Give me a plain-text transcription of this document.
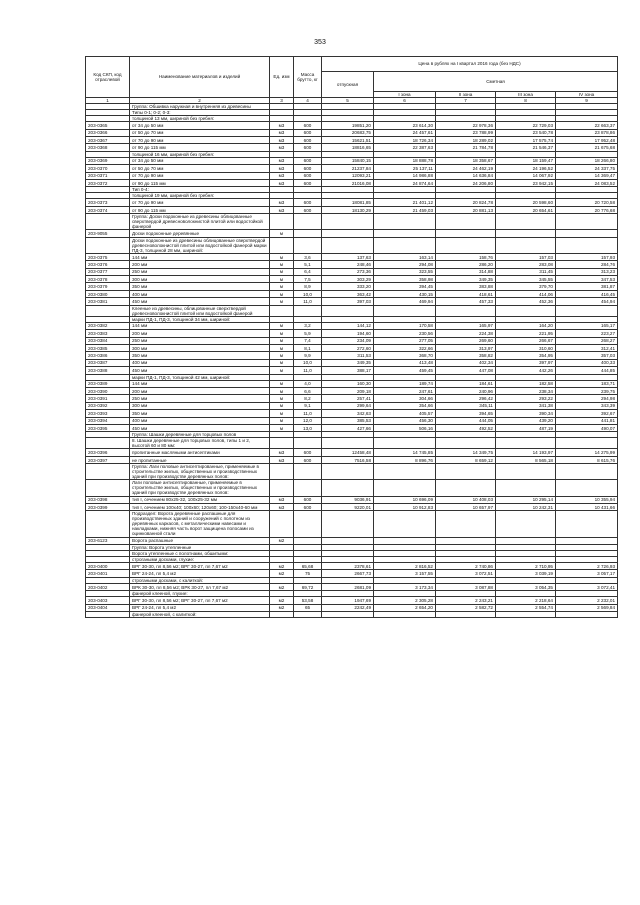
353
Код СКП, код отраслевой	Наименование материалов и изделий	Ед. изм	Масса брутто, кг	Цена в рублях на I квартал 2016 года (без НДС)				
				отпускная	Сметная			
					I зона	II зона	III зона	IV зона
1	2	3	4	5	6	7	8	9
	Группа: Обшивка наружная и внутренняя из древесины							
	Типы 0-1; 0-2; 0-3:							
	толщиной 13 мм, шириной без гребня:							
203-0365	от 34 до 50 мм	м3	600	19851,20	23 614,30	22 978,36	22 729,03	22 663,37
203-0366	от 50 до 70 мм	м3	600	20683,75	24 457,61	23 788,99	23 540,78	23 878,86
203-0367	от 70 до 90 мм	м3	600	15621,51	18 726,34	18 289,02	17 575,74	17 952,48
203-0368	от 90 до 115 мм	м3	600	18816,65	22 387,63	21 784,78	21 546,37	21 675,68
	толщиной 16 мм, шириной без гребня:							
203-0369	от 34 до 50 мм	м3	600	15840,15	18 888,78	18 358,67	18 159,47	18 266,80
203-0370	от 50 до 70 мм	м3	600	21237,84	25 137,11	24 462,19	24 196,52	24 337,75
203-0371	от 70 до 90 мм	м3	600	12093,21	14 986,88	14 636,84	14 067,92	14 369,47
203-0372	от 90 до 115 мм	м3	600	21016,08	24 874,64	24 206,80	23 942,15	24 083,52
	Тип 0-4:							
	толщиной 19 мм, шириной без гребня:							
203-0373	от 70 до 90 мм	м3	600	18081,85	21 401,12	20 824,78	20 598,60	20 720,58
203-0374	от 90 до 115 мм	м3	600	18130,29	21 459,03	20 881,13	20 654,61	20 776,68
	Группа: Доски подоконные из древесины облицованные сверхтвердой древесноволокнистой плитой или водостойкой фанерой							
203-9055	Доски подоконные деревянные	м						
	Доски подоконные из древесины облицованные сверхтвердой древесноволокнистой плитой или водостойкой фанерой марки ПД-3, толщиной 28 мм, шириной:							
203-0375	144 мм	м	3,6	137,63	163,14	158,76	157,03	157,93
203-0376	200 мм	м	5,1	248,46	294,08	286,20	283,08	284,76
203-0377	250 мм	м	6,4	273,36	323,55	314,88	311,45	313,23
203-0378	300 мм	м	7,5	303,29	358,98	349,35	345,55	347,53
203-0379	350 мм	м	8,9	333,20	394,45	383,88	379,70	381,87
203-0380	400 мм	м	10,0	363,42	430,15	418,61	414,06	416,45
203-0381	450 мм	м	11,0	397,03	469,94	457,33	452,36	454,94
	Клееные из древесины, облицованные сверхтвердой древесноволокнистой плитой или водостойкой фанерой							
	марки ПД-1, ПД-3, толщиной 34 мм, шириной:							
203-0382	144 мм	м	3,2	144,12	170,58	165,97	164,20	165,17
203-0383	200 мм	м	5,9	194,60	230,56	224,38	221,95	223,27
203-0384	250 мм	м	7,4	234,09	277,05	269,60	266,67	268,27
203-0385	300 мм	м	8,1	272,60	322,66	313,97	310,60	312,41
203-0386	350 мм	м	9,9	311,53	368,70	358,82	354,95	357,03
203-0387	400 мм	м	10,0	349,35	413,48	402,34	397,97	400,33
203-0388	450 мм	м	11,0	388,17	459,45	447,08	442,26	444,85
	марки ПД-1, ПД-3, толщиной 42 мм, шириной:							
203-0389	144 мм	м	4,0	160,30	189,74	184,61	182,58	183,71
203-0390	200 мм	м	6,6	209,18	247,61	240,96	238,34	239,75
203-0391	250 мм	м	8,2	257,41	304,66	296,42	293,22	294,98
203-0392	300 мм	м	9,1	299,64	354,66	345,11	341,38	343,39
203-0393	350 мм	м	11,0	342,63	405,57	394,65	390,34	392,67
203-0394	400 мм	м	12,0	385,53	456,30	444,05	439,20	441,81
203-0395	450 мм	м	13,0	427,66	506,16	492,52	487,19	490,07
	Группа: Шашки деревянные для торцовых полов							
	8. Шашки деревянные для торцовых полов, типы 1 и 2, высотой 60 и 80 мм:							
203-0396	пропитанные масляными антисептиками	м3	600	12458,48	14 745,85	14 349,75	14 193,97	14 275,99
203-0397	не пропитанные	м3	600	7516,58	8 896,76	8 659,12	8 565,18	8 615,76
	Группа: Лаги половые антисептированные, применяемые в строительстве жилых, общественных и производственных зданий при производстве деревянных полов:							
	Лаги половые антисептированные, применяемые в строительстве жилых, общественных и производственных зданий при производстве деревянных полов:							
203-0398	тип I, сечением 80x25-32, 100x25-32 мм	м3	600	9036,91	10 696,09	10 408,03	10 295,14	10 355,94
203-0399	тип I, сечением 100x40; 100x60; 120x60; 100-150x40-60 мм	м3	600	9220,01	10 912,83	10 657,97	10 242,31	10 431,66
	Подраздел: Ворота деревянные распашные для производственных зданий и сооружений с полотном из деревянных каркасов, с металлическими навесами и накладками, нижняя часть ворот защищена полосами из оцинкованной стали							
203-6123	Ворота распашные	м2						
	Группа: Ворота утепленные							
	Ворота утепленные с полотнами, обшитыми:							
	строгаными досками, глухие:							
203-0400	ВРГ 30-30, пл 8,56 м2; ВРГ 30-27, пл 7,67 м2	м2	65,68	2378,61	2 816,52	2 740,86	2 710,95	2 726,93
203-0401	ВРГ 24-24, пл 5,4 м2	м2	75	2667,73	3 157,55	3 072,51	3 039,19	3 057,17
	строгаными досками, с калиткой:							
203-0402	ВРК 30-30, пл 8,56 м2; ВРК 30-27, пл 7,67 м2	м2	69,72	2681,09	3 173,34	3 087,88	3 054,35	3 072,41
	фанерой клееной, глухие:							
203-0403	ВРГ 30-30, пл 8,56 м2; ВРГ 30-27, пл 7,67 м2	м2	53,58	1947,69	2 305,28	2 243,21	2 218,64	2 232,01
203-0404	ВРГ 24-24, пл 5,4 м2	м2	65	2242,49	2 654,20	2 582,72	2 554,74	2 569,84
	фанерой клееной, с калиткой:							
